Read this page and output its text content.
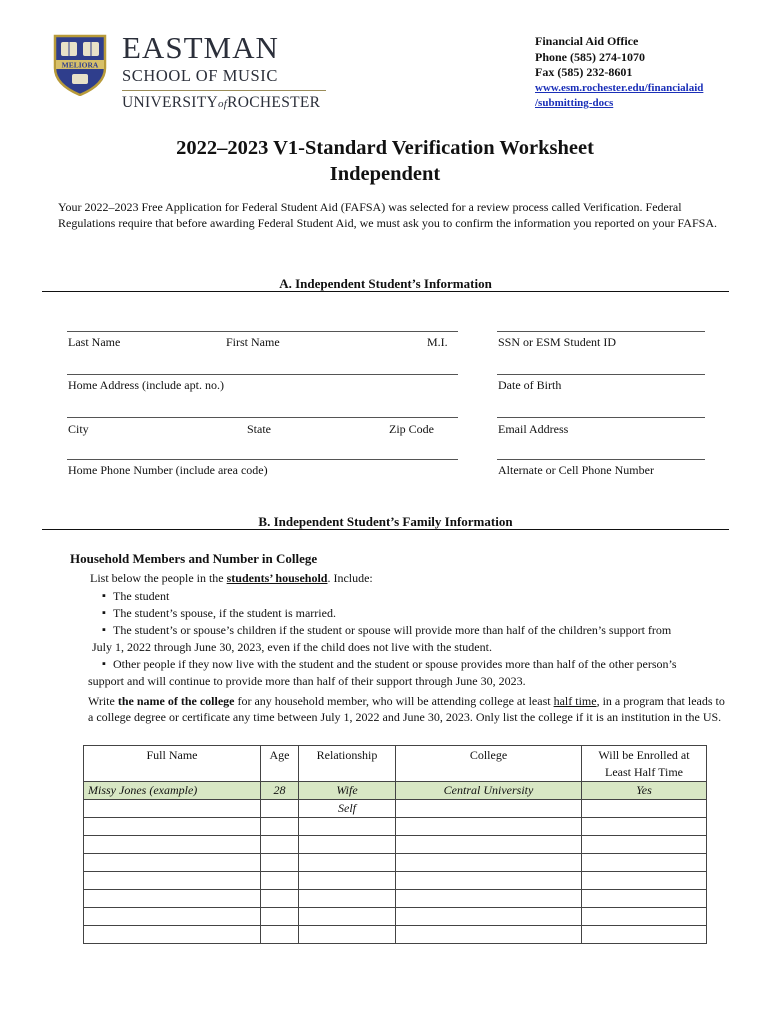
MELIORA EASTMAN
SCHOOL OF MUSIC
UNIVERSITYofROCHESTER
Financial Aid Office
Phone (585) 274-1070
Fax (585) 232-8601
www.esm.rochester.edu/financialaid
/submitting-docs
2022–2023 V1-Standard Verification Worksheet
Independent
Your 2022–2023 Free Application for Federal Student Aid (FAFSA) was selected for a review process called Verification. Federal Regulations require that before awarding Federal Student Aid, we must ask you to confirm the information you reported on your FAFSA.
A. Independent Student’s Information
Last Name	First Name	M.I.	SSN or ESM Student ID
Home Address (include apt. no.)	Date of Birth
City	State	Zip Code	Email Address
Home Phone Number (include area code)	Alternate or Cell Phone Number
B. Independent Student’s Family Information
Household Members and Number in College
List below the people in the students’ household. Include:
▪ The student
▪ The student’s spouse, if the student is married.
▪ The student’s or spouse’s children if the student or spouse will provide more than half of the children’s support from
July 1, 2022 through June 30, 2023, even if the child does not live with the student.
▪ Other people if they now live with the student and the student or spouse provides more than half of the other person’s
support and will continue to provide more than half of their support through June 30, 2023.
Write the name of the college for any household member, who will be attending college at least half time, in a program that leads to a college degree or certificate any time between July 1, 2022 and June 30, 2023. Only list the college if it is an institution in the US.
Full Name	Age	Relationship	College	Will be Enrolled at
Least Half Time
Missy Jones (example)	28	Wife	Central University	Yes
		Self		
